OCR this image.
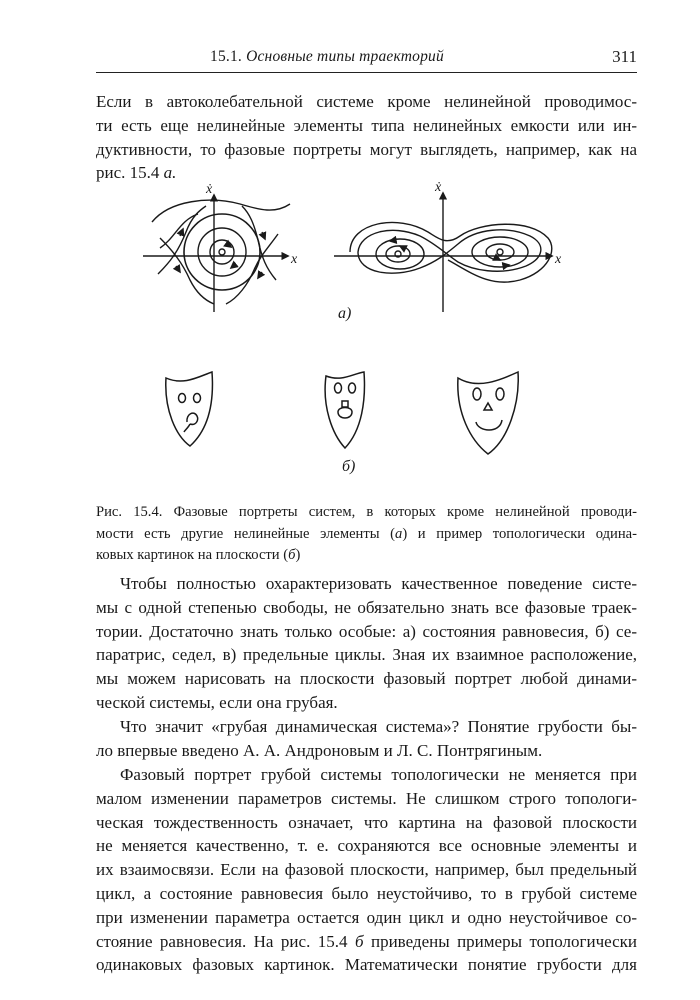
15.1. Основные типы траекторий	311
Если в автоколебательной системе кроме нелинейной проводимос-
ти есть еще нелинейные элементы типа нелинейных емкости или ин-
дуктивности, то фазовые портреты могут выглядеть, например, как на
рис. 15.4 а.
x
ẋ
x
ẋ
а)
б)
Рис. 15.4. Фазовые портреты систем, в которых кроме нелинейной проводи-
мости есть другие нелинейные элементы (а) и пример топологически одина-
ковых картинок на плоскости (б)
Чтобы полностью охарактеризовать качественное поведение систе-
мы с одной степенью свободы, не обязательно знать все фазовые траек-
тории. Достаточно знать только особые: а) состояния равновесия, б) се-
паратрис, седел, в) предельные циклы. Зная их взаимное расположение,
мы можем нарисовать на плоскости фазовый портрет любой динами-
ческой системы, если она грубая.
Что значит «грубая динамическая система»? Понятие грубости бы-
ло впервые введено А. А. Андроновым и Л. С. Понтрягиным.
Фазовый портрет грубой системы топологически не меняется при
малом изменении параметров системы. Не слишком строго топологи-
ческая тождественность означает, что картина на фазовой плоскости
не меняется качественно, т. е. сохраняются все основные элементы и
их взаимосвязи. Если на фазовой плоскости, например, был предельный
цикл, а состояние равновесия было неустойчиво, то в грубой системе
при изменении параметра остается один цикл и одно неустойчивое со-
стояние равновесия. На рис. 15.4 б приведены примеры топологически
одинаковых фазовых картинок. Математически понятие грубости для
